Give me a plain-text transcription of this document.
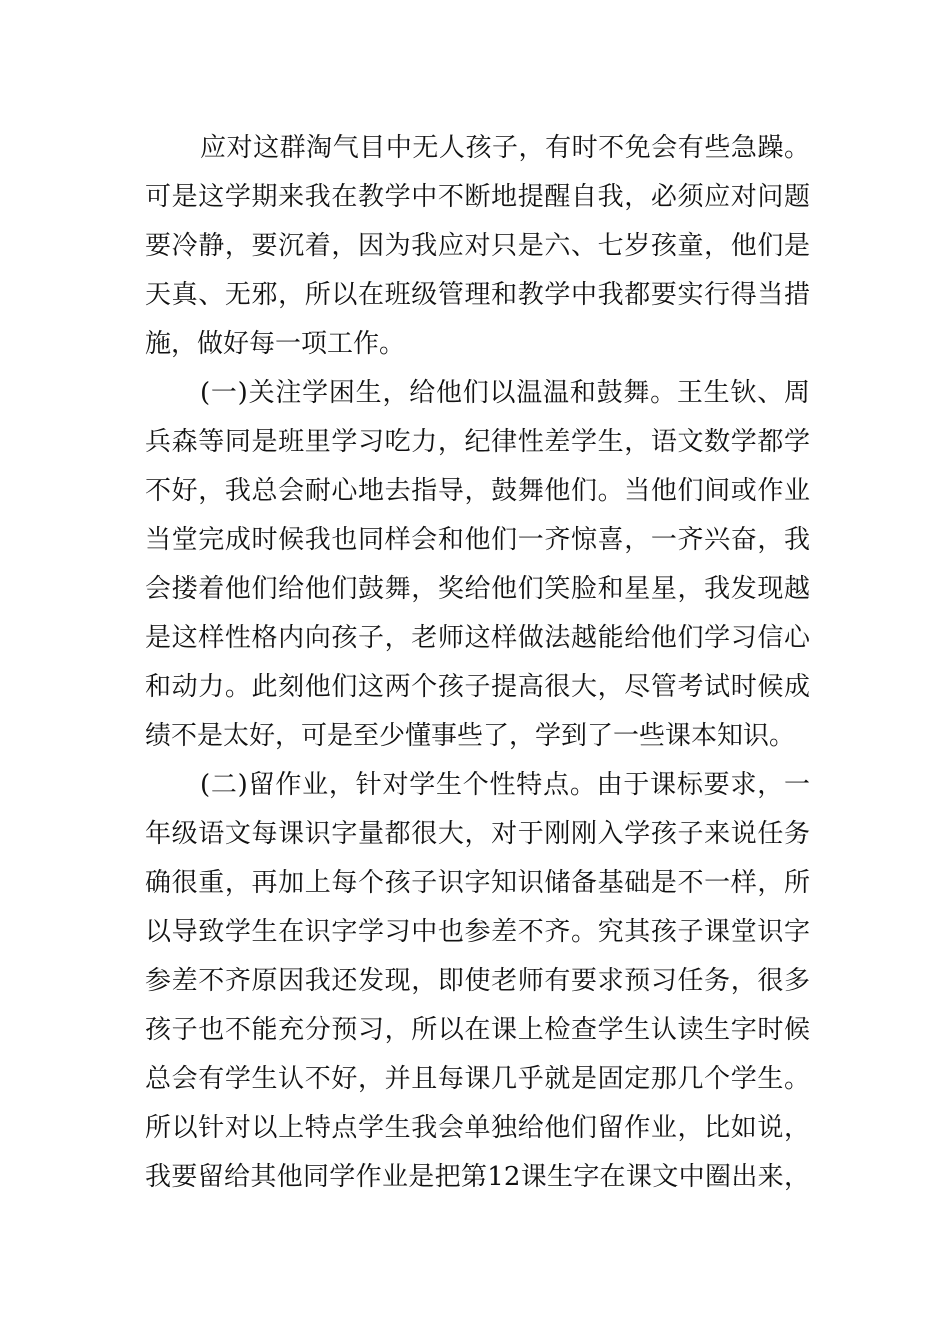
应对这群淘气目中无人孩子，有时不免会有些急躁。
可是这学期来我在教学中不断地提醒自我，必须应对问题
要冷静，要沉着，因为我应对只是六、七岁孩童，他们是
天真、无邪，所以在班级管理和教学中我都要实行得当措
施，做好每一项工作。
(一)关注学困生，给他们以温温和鼓舞。王生钬、周
兵森等同是班里学习吃力，纪律性差学生，语文数学都学
不好，我总会耐心地去指导，鼓舞他们。当他们间或作业
当堂完成时候我也同样会和他们一齐惊喜，一齐兴奋，我
会搂着他们给他们鼓舞，奖给他们笑脸和星星，我发现越
是这样性格内向孩子，老师这样做法越能给他们学习信心
和动力。此刻他们这两个孩子提高很大，尽管考试时候成
绩不是太好，可是至少懂事些了，学到了一些课本知识。
(二)留作业，针对学生个性特点。由于课标要求，一
年级语文每课识字量都很大，对于刚刚入学孩子来说任务
确很重，再加上每个孩子识字知识储备基础是不一样，所
以导致学生在识字学习中也参差不齐。究其孩子课堂识字
参差不齐原因我还发现，即使老师有要求预习任务，很多
孩子也不能充分预习，所以在课上检查学生认读生字时候
总会有学生认不好，并且每课几乎就是固定那几个学生。
所以针对以上特点学生我会单独给他们留作业，比如说，
我要留给其他同学作业是把第12课生字在课文中圈出来，
